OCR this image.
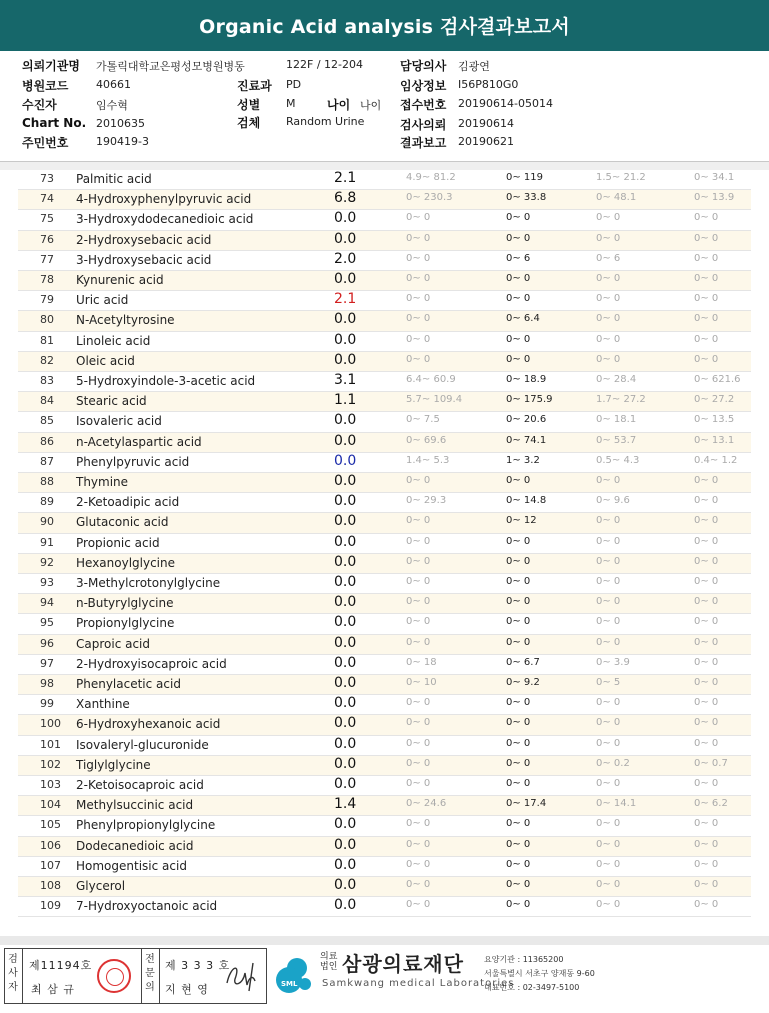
Organic Acid analysis 검사결과보고서
의뢰기관명 가톨릭대학교은평성모병원병동	122F / 12-204	담당의사 김광연
병원코드	40661	진료과 PD	임상정보 I56P810G0
수진자	임수혁	성별 M	나이 나이 접수번호 20190614-05014
Chart No. 2010635	검체 Random Urine	검사의뢰 20190614
주민번호	190419-3	결과보고 20190621
73 Palmitic acid	2.1	4.9~ 81.2	0~ 119	1.5~ 21.2	0~ 34.1
74 4-Hydroxyphenylpyruvic acid	6.8	0~ 230.3	0~ 33.8	0~ 48.1	0~ 13.9
75 3-Hydroxydodecanedioic acid	0.0	0~ 0	0~ 0	0~ 0	0~ 0
76 2-Hydroxysebacic acid	0.0	0~ 0	0~ 0	0~ 0	0~ 0
77 3-Hydroxysebacic acid	2.0	0~ 0	0~ 6	0~ 6	0~ 0
78 Kynurenic acid	0.0	0~ 0	0~ 0	0~ 0	0~ 0
79 Uric acid	2.1	0~ 0	0~ 0	0~ 0	0~ 0
80 N-Acetyltyrosine	0.0	0~ 0	0~ 6.4	0~ 0	0~ 0
81 Linoleic acid	0.0	0~ 0	0~ 0	0~ 0	0~ 0
82 Oleic acid	0.0	0~ 0	0~ 0	0~ 0	0~ 0
83 5-Hydroxyindole-3-acetic acid	3.1	6.4~ 60.9	0~ 18.9	0~ 28.4	0~ 621.6
84 Stearic acid	1.1	5.7~ 109.4	0~ 175.9	1.7~ 27.2	0~ 27.2
85 Isovaleric acid	0.0	0~ 7.5	0~ 20.6	0~ 18.1	0~ 13.5
86 n-Acetylaspartic acid	0.0	0~ 69.6	0~ 74.1	0~ 53.7	0~ 13.1
87 Phenylpyruvic acid	0.0	1.4~ 5.3	1~ 3.2	0.5~ 4.3	0.4~ 1.2
88 Thymine	0.0	0~ 0	0~ 0	0~ 0	0~ 0
89 2-Ketoadipic acid	0.0	0~ 29.3	0~ 14.8	0~ 9.6	0~ 0
90 Glutaconic acid	0.0	0~ 0	0~ 12	0~ 0	0~ 0
91 Propionic acid	0.0	0~ 0	0~ 0	0~ 0	0~ 0
92 Hexanoylglycine	0.0	0~ 0	0~ 0	0~ 0	0~ 0
93 3-Methylcrotonylglycine	0.0	0~ 0	0~ 0	0~ 0	0~ 0
94 n-Butyrylglycine	0.0	0~ 0	0~ 0	0~ 0	0~ 0
95 Propionylglycine	0.0	0~ 0	0~ 0	0~ 0	0~ 0
96 Caproic acid	0.0	0~ 0	0~ 0	0~ 0	0~ 0
97 2-Hydroxyisocaproic acid	0.0	0~ 18	0~ 6.7	0~ 3.9	0~ 0
98 Phenylacetic acid	0.0	0~ 10	0~ 9.2	0~ 5	0~ 0
99 Xanthine	0.0	0~ 0	0~ 0	0~ 0	0~ 0
100 6-Hydroxyhexanoic acid	0.0	0~ 0	0~ 0	0~ 0	0~ 0
101 Isovaleryl-glucuronide	0.0	0~ 0	0~ 0	0~ 0	0~ 0
102 Tiglylglycine	0.0	0~ 0	0~ 0	0~ 0.2	0~ 0.7
103 2-Ketoisocaproic acid	0.0	0~ 0	0~ 0	0~ 0	0~ 0
104 Methylsuccinic acid	1.4	0~ 24.6	0~ 17.4	0~ 14.1	0~ 6.2
105 Phenylpropionylglycine	0.0	0~ 0	0~ 0	0~ 0	0~ 0
106 Dodecanedioic acid	0.0	0~ 0	0~ 0	0~ 0	0~ 0
107 Homogentisic acid	0.0	0~ 0	0~ 0	0~ 0	0~ 0
108 Glycerol	0.0	0~ 0	0~ 0	0~ 0	0~ 0
109 7-Hydroxyoctanoic acid	0.0	0~ 0	0~ 0	0~ 0	0~ 0
검
사
자
제11194호
최 삼 규
전
문
의
제 3 3 3 호
지 현 영	SML
의료
법인 삼광의료재단
Samkwang medical Laboratories
요양기관 : 11365200
서울특별시 서초구 양재동 9-60
대표번호 : 02-3497-5100
